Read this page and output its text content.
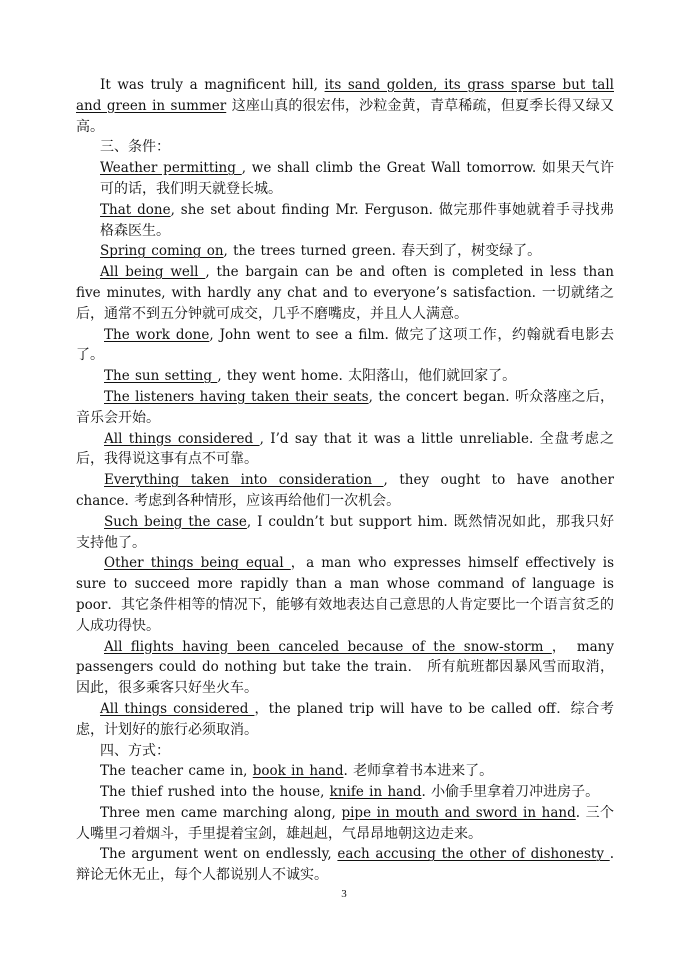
It was truly a magnificent hill, its sand golden, its grass sparse but tall and green in summer 这座山真的很宏伟，沙粒金黄，青草稀疏，但夏季长得又绿又高。

三、条件：

Weather permitting , we shall climb the Great Wall tomorrow. 如果天气许可的话，我们明天就登长城。

That done, she set about finding Mr. Ferguson. 做完那件事她就着手寻找弗格森医生。

Spring coming on, the trees turned green. 春天到了，树变绿了。

All being well , the bargain can be and often is completed in less than five minutes, with hardly any chat and to everyone’s satisfaction. 一切就绪之后，通常不到五分钟就可成交，几乎不磨嘴皮，并且人人满意。

The work done, John went to see a film. 做完了这项工作，约翰就看电影去了。

The sun setting , they went home. 太阳落山，他们就回家了。

The listeners having taken their seats, the concert began. 听众落座之后，音乐会开始。

All things considered , I’d say that it was a little unreliable. 全盘考虑之后，我得说这事有点不可靠。

Everything taken into consideration , they ought to have another chance. 考虑到各种情形，应该再给他们一次机会。

Such being the case, I couldn’t but support him. 既然情况如此，那我只好支持他了。

Other things being equal ，a man who expresses himself effectively is sure to succeed more rapidly than a man whose command of language is poor．其它条件相等的情况下，能够有效地表达自己意思的人肯定要比一个语言贫乏的人成功得快。

All flights having been canceled because of the snow-storm ， many passengers could do nothing but take the train． 所有航班都因暴风雪而取消，因此，很多乘客只好坐火车。

All things considered ，the planed trip will have to be called off．综合考虑，计划好的旅行必须取消。

四、方式：

The teacher came in, book in hand. 老师拿着书本进来了。

The thief rushed into the house, knife in hand. 小偷手里拿着刀冲进房子。

Three men came marching along, pipe in mouth and sword in hand. 三个人嘴里刁着烟斗，手里提着宝剑，雄赳赳，气昂昂地朝这边走来。

The argument went on endlessly, each accusing the other of dishonesty . 辩论无休无止，每个人都说别人不诚实。

3
